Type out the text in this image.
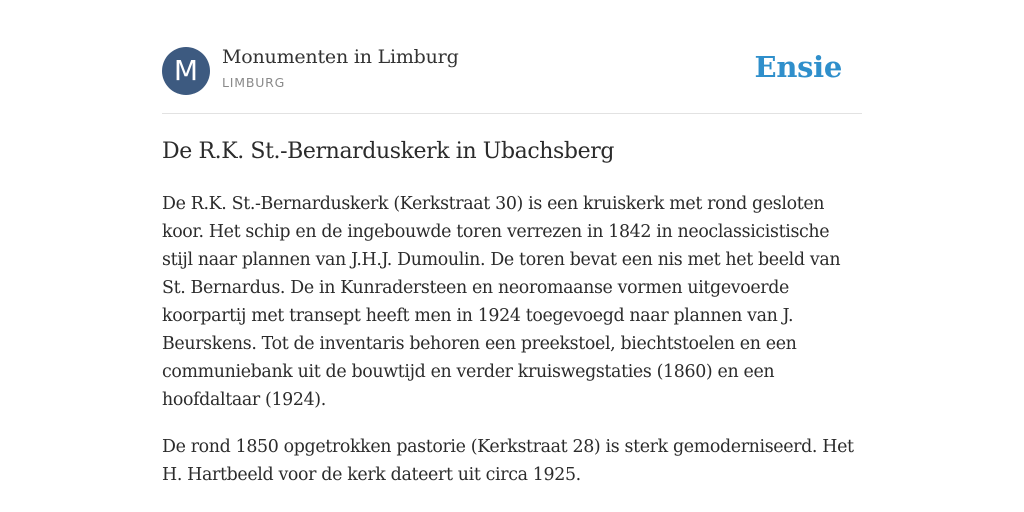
M	Monumenten in Limburg
LIMBURG	Ensie
De R.K. St.-Bernarduskerk in Ubachsberg

De R.K. St.-Bernarduskerk (Kerkstraat 30) is een kruiskerk met rond gesloten koor. Het schip en de ingebouwde toren verrezen in 1842 in neoclassicistische stijl naar plannen van J.H.J. Dumoulin. De toren bevat een nis met het beeld van St. Bernardus. De in Kunradersteen en neoromaanse vormen uitgevoerde koorpartij met transept heeft men in 1924 toegevoegd naar plannen van J. Beurskens. Tot de inventaris behoren een preekstoel, biechtstoelen en een communiebank uit de bouwtijd en verder kruiswegstaties (1860) en een hoofdaltaar (1924).

De rond 1850 opgetrokken pastorie (Kerkstraat 28) is sterk gemoderniseerd. Het H. Hartbeeld voor de kerk dateert uit circa 1925.
